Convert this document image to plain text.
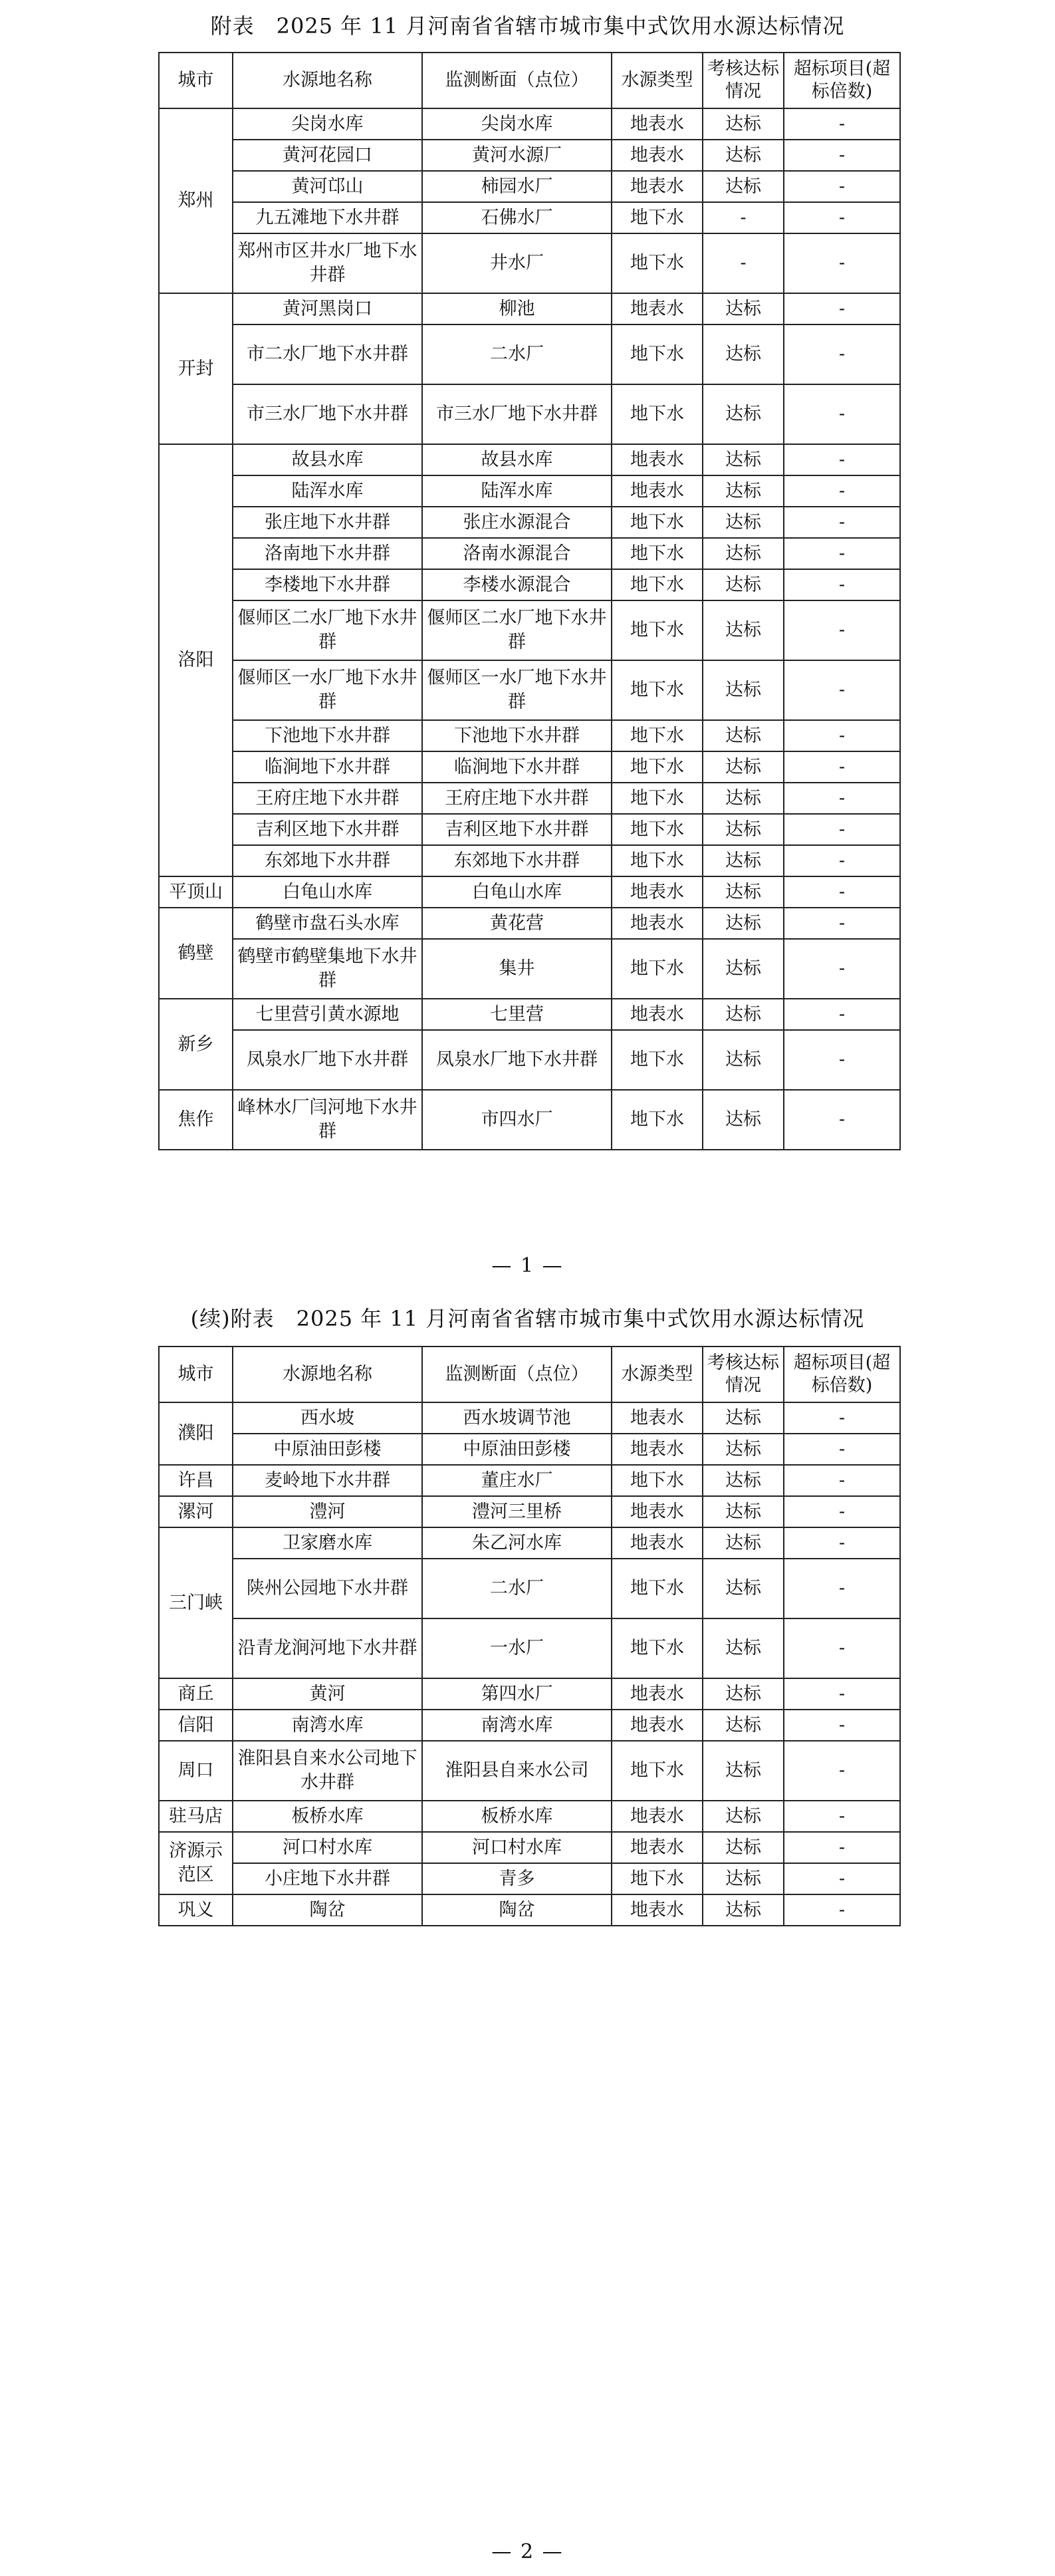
附表　2025 年 11 月河南省省辖市城市集中式饮用水源达标情况
城市	水源地名称	监测断面（点位）	水源类型	考核达标情况	超标项目(超标倍数)
郑州	尖岗水库	尖岗水库	地表水	达标	-
	黄河花园口	黄河水源厂	地表水	达标	-
	黄河邙山	柿园水厂	地表水	达标	-
	九五滩地下水井群	石佛水厂	地下水	-	-
	郑州市区井水厂地下水井群	井水厂	地下水	-	-
开封	黄河黑岗口	柳池	地表水	达标	-
	市二水厂地下水井群	二水厂	地下水	达标	-
	市三水厂地下水井群	市三水厂地下水井群	地下水	达标	-
洛阳	故县水库	故县水库	地表水	达标	-
	陆浑水库	陆浑水库	地表水	达标	-
	张庄地下水井群	张庄水源混合	地下水	达标	-
	洛南地下水井群	洛南水源混合	地下水	达标	-
	李楼地下水井群	李楼水源混合	地下水	达标	-
	偃师区二水厂地下水井群	偃师区二水厂地下水井群	地下水	达标	-
	偃师区一水厂地下水井群	偃师区一水厂地下水井群	地下水	达标	-
	下池地下水井群	下池地下水井群	地下水	达标	-
	临涧地下水井群	临涧地下水井群	地下水	达标	-
	王府庄地下水井群	王府庄地下水井群	地下水	达标	-
	吉利区地下水井群	吉利区地下水井群	地下水	达标	-
	东郊地下水井群	东郊地下水井群	地下水	达标	-
平顶山	白龟山水库	白龟山水库	地表水	达标	-
鹤壁	鹤壁市盘石头水库	黄花营	地表水	达标	-
	鹤壁市鹤壁集地下水井群	集井	地下水	达标	-
新乡	七里营引黄水源地	七里营	地表水	达标	-
	凤泉水厂地下水井群	凤泉水厂地下水井群	地下水	达标	-
焦作	峰林水厂闫河地下水井群	市四水厂	地下水	达标	-
— 1 —
(续)附表　2025 年 11 月河南省省辖市城市集中式饮用水源达标情况
城市	水源地名称	监测断面（点位）	水源类型	考核达标情况	超标项目(超标倍数)
濮阳	西水坡	西水坡调节池	地表水	达标	-
	中原油田彭楼	中原油田彭楼	地表水	达标	-
许昌	麦岭地下水井群	董庄水厂	地下水	达标	-
漯河	澧河	澧河三里桥	地表水	达标	-
三门峡	卫家磨水库	朱乙河水库	地表水	达标	-
	陕州公园地下水井群	二水厂	地下水	达标	-
	沿青龙涧河地下水井群	一水厂	地下水	达标	-
商丘	黄河	第四水厂	地表水	达标	-
信阳	南湾水库	南湾水库	地表水	达标	-
周口	淮阳县自来水公司地下水井群	淮阳县自来水公司	地下水	达标	-
驻马店	板桥水库	板桥水库	地表水	达标	-
济源示范区	河口村水库	河口村水库	地表水	达标	-
	小庄地下水井群	青多	地下水	达标	-
巩义	陶岔	陶岔	地表水	达标	-
— 2 —
